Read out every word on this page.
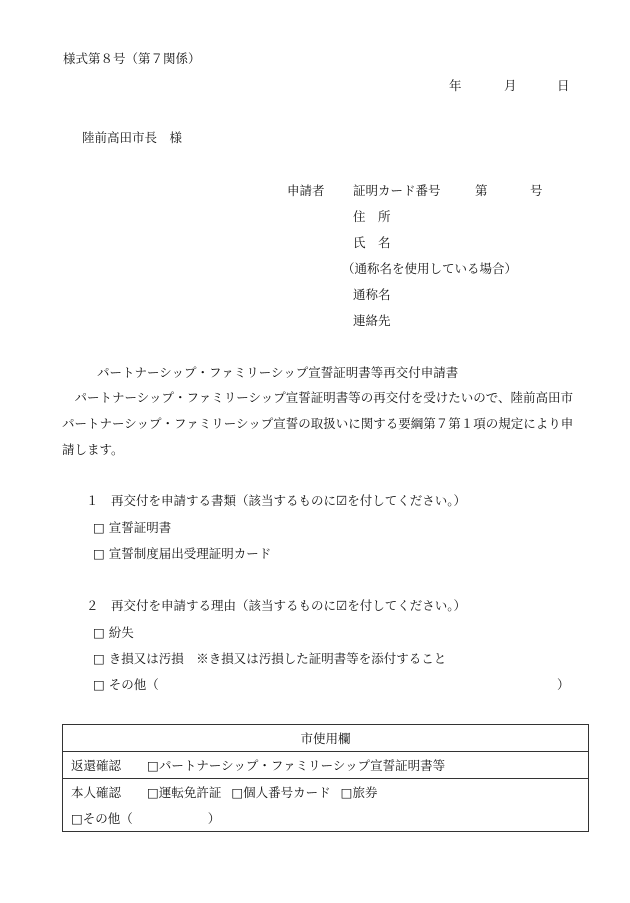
様式第８号（第７関係）
年	月	日
陸前高田市長　様
申請者 証明カード番号	第	号
住　所
氏　名
（通称名を使用している場合）
通称名
連絡先
パートナーシップ・ファミリーシップ宣誓証明書等再交付申請書
パートナーシップ・ファミリーシップ宣誓証明書等の再交付を受けたいので、陸前高田市パートナーシップ・ファミリーシップ宣誓の取扱いに関する要綱第７第１項の規定により申請します。
１　再交付を申請する書類（該当するものに☑を付してください。）
□ 宣誓証明書
□ 宣誓制度届出受理証明カード
２　再交付を申請する理由（該当するものに☑を付してください。）
□ 紛失
□ き損又は汚損　※き損又は汚損した証明書等を添付すること
□ その他（	）
市使用欄
返還確認 □パートナーシップ・ファミリーシップ宣誓証明書等
本人確認 □運転免許証 □個人番号カード □旅券
□その他（　　　　　　）
